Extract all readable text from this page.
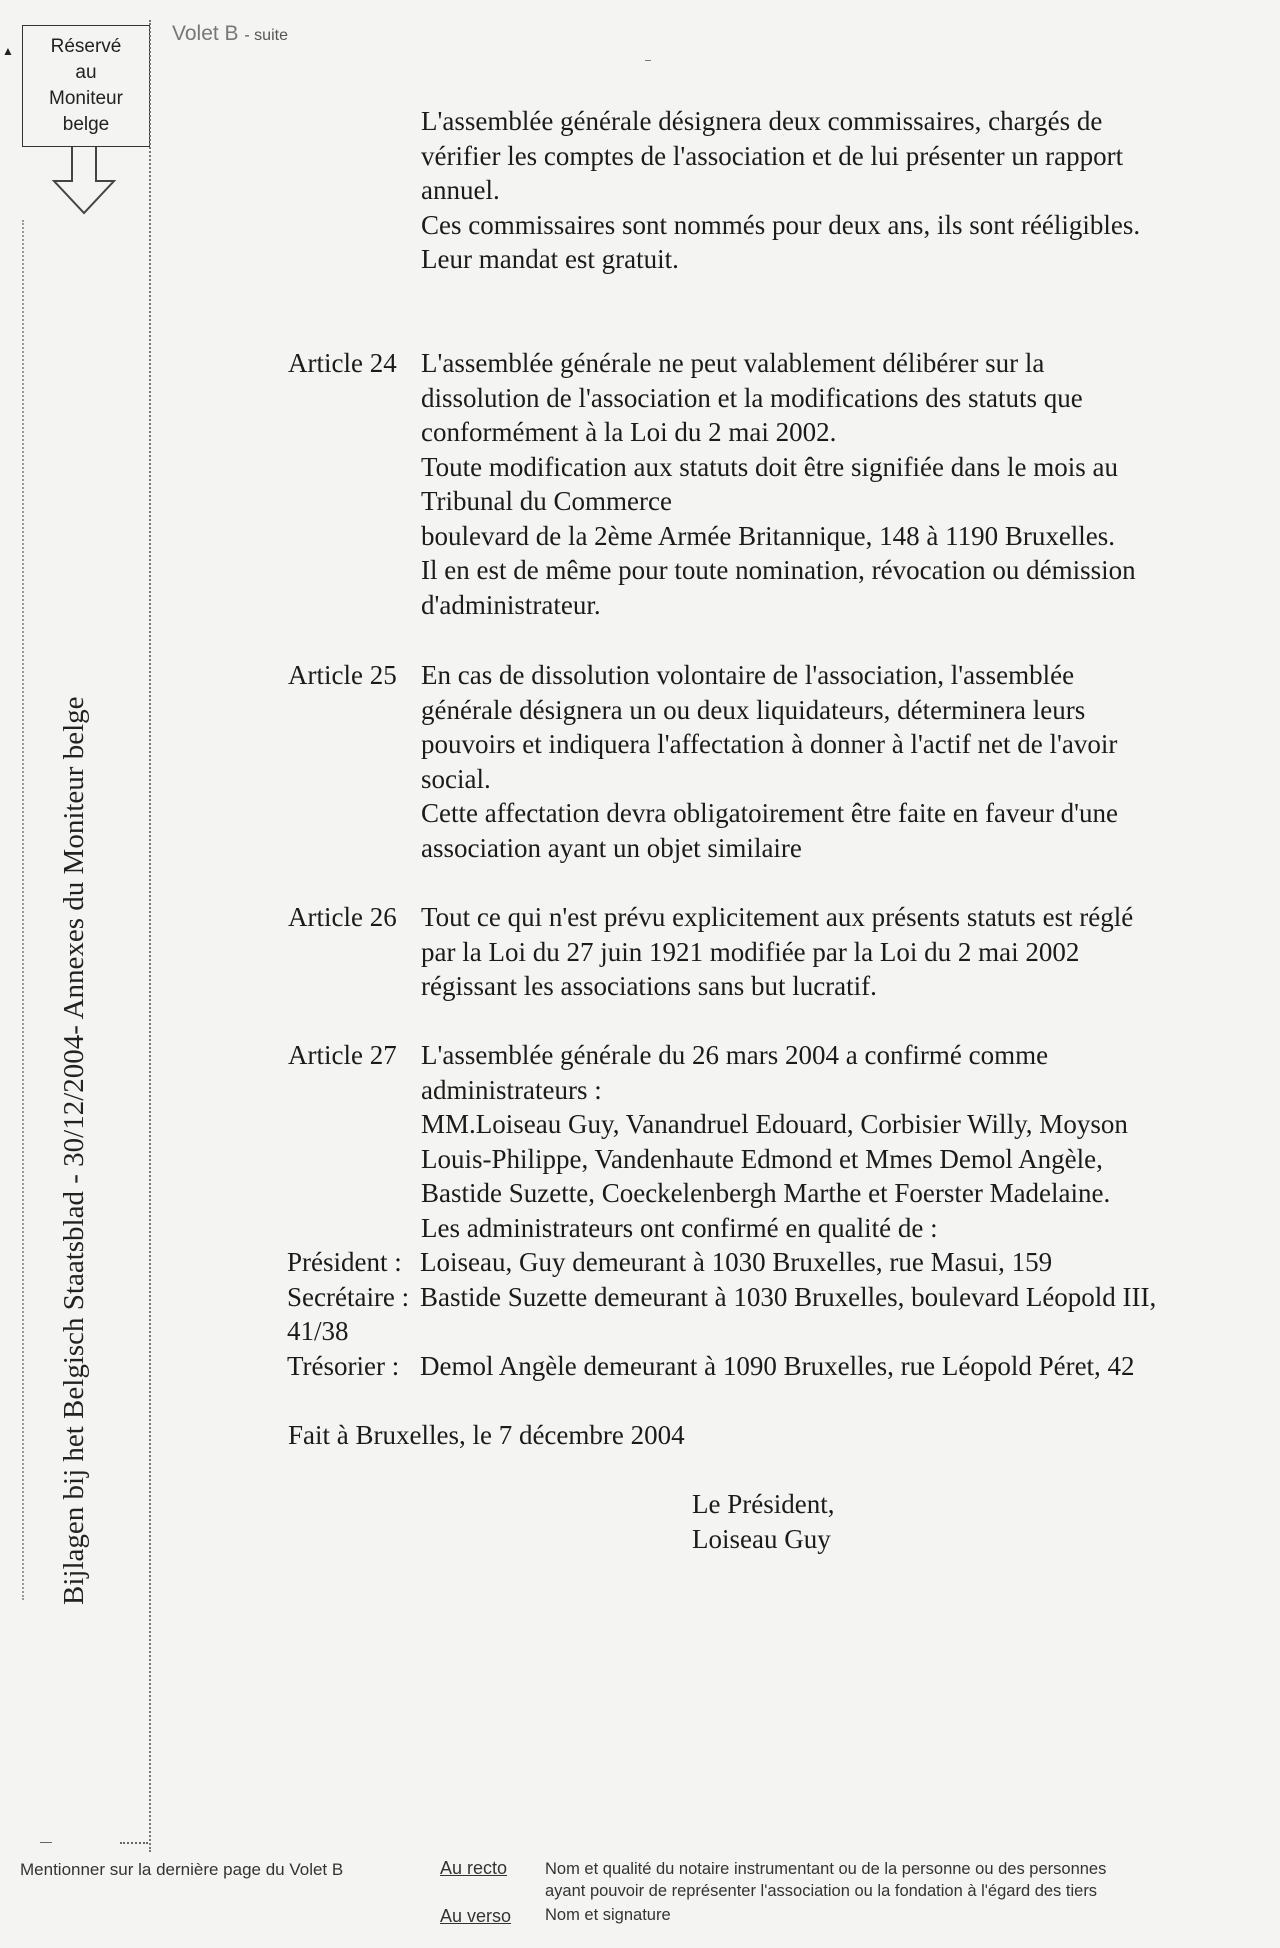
▲	Réservé
au
Moniteur
belge
Bijlagen bij het Belgisch Staatsblad - 30/12/2004- Annexes du Moniteur belge
Volet B - suite
L'assemblée générale désignera deux commissaires, chargés de
vérifier les comptes de l'association et de lui présenter un rapport
annuel.
Ces commissaires sont nommés pour deux ans, ils sont rééligibles.
Leur mandat est gratuit.
Article 24 L'assemblée générale ne peut valablement délibérer sur la
dissolution de l'association et la modifications des statuts que
conformément à la Loi du 2 mai 2002.
Toute modification aux statuts doit être signifiée dans le mois au
Tribunal du Commerce
boulevard de la 2ème Armée Britannique, 148 à 1190 Bruxelles.
Il en est de même pour toute nomination, révocation ou démission
d'administrateur.
Article 25 En cas de dissolution volontaire de l'association, l'assemblée
générale désignera un ou deux liquidateurs, déterminera leurs
pouvoirs et indiquera l'affectation à donner à l'actif net de l'avoir
social.
Cette affectation devra obligatoirement être faite en faveur d'une
association ayant un objet similaire
Article 26 Tout ce qui n'est prévu explicitement aux présents statuts est réglé
par la Loi du 27 juin 1921 modifiée par la Loi du 2 mai 2002
régissant les associations sans but lucratif.
Article 27 L'assemblée générale du 26 mars 2004 a confirmé comme
administrateurs :
MM.Loiseau Guy, Vanandruel Edouard, Corbisier Willy, Moyson
Louis-Philippe, Vandenhaute Edmond et Mmes Demol Angèle,
Bastide Suzette, Coeckelenbergh Marthe et Foerster Madelaine.
Les administrateurs ont confirmé en qualité de :
Président : Loiseau, Guy demeurant à 1030 Bruxelles, rue Masui, 159
Secrétaire : Bastide Suzette demeurant à 1030 Bruxelles, boulevard Léopold III,
41/38
Trésorier : Demol Angèle demeurant à 1090 Bruxelles, rue Léopold Péret, 42
Fait à Bruxelles, le 7 décembre 2004
Le Président,
Loiseau Guy
Mentionner sur la dernière page du Volet B	Au recto Nom et qualité du notaire instrumentant ou de la personne ou des personnes
ayant pouvoir de représenter l'association ou la fondation à l'égard des tiers
Au verso Nom et signature
